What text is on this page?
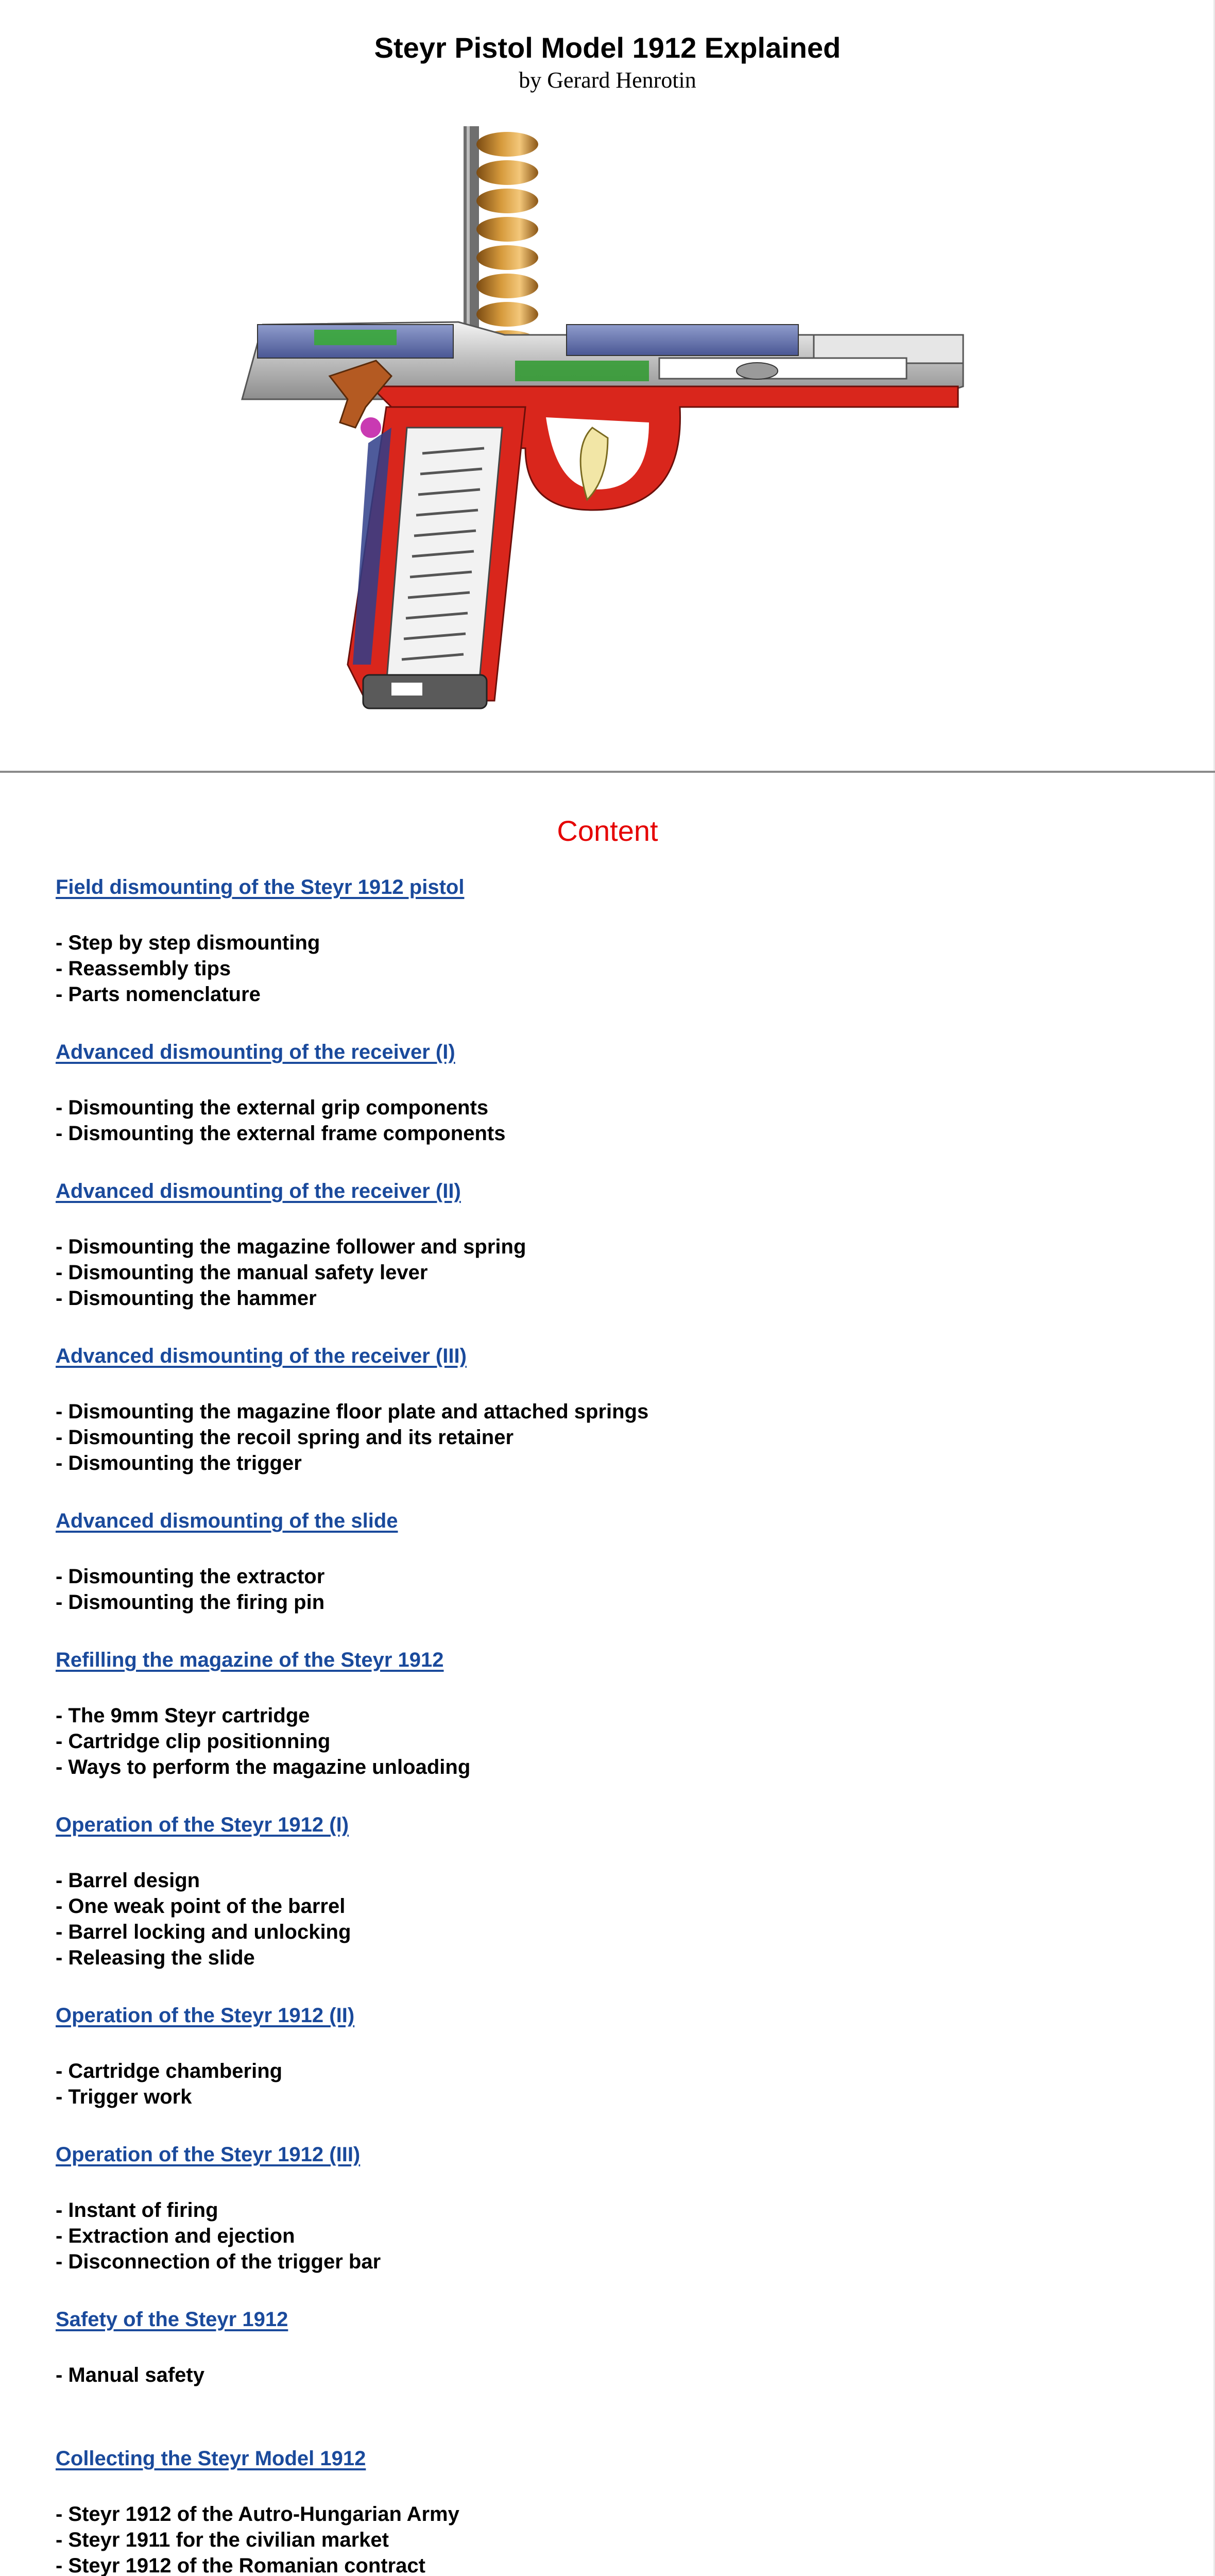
Steyr Pistol Model 1912 Explained
by Gerard Henrotin
Content
Field dismounting of the Steyr 1912 pistol
- Step by step dismounting
- Reassembly tips
- Parts nomenclature
Advanced dismounting of the receiver (I)
- Dismounting the external grip components
- Dismounting the external frame components
Advanced dismounting of the receiver (II)
- Dismounting the magazine follower and spring
- Dismounting the manual safety lever
- Dismounting the hammer
Advanced dismounting of the receiver (III)
- Dismounting the magazine floor plate and attached springs
- Dismounting the recoil spring and its retainer
- Dismounting the trigger
Advanced dismounting of the slide
- Dismounting the extractor
- Dismounting the firing pin
Refilling the magazine of the Steyr 1912
- The 9mm Steyr cartridge
- Cartridge clip positionning
- Ways to perform the magazine unloading
Operation of the Steyr 1912 (I)
- Barrel design
- One weak point of the barrel
- Barrel locking and unlocking
- Releasing the slide
Operation of the Steyr 1912 (II)
- Cartridge chambering
- Trigger work
Operation of the Steyr 1912 (III)
- Instant of firing
- Extraction and ejection
- Disconnection of the trigger bar
Safety of the Steyr 1912
- Manual safety
Collecting the Steyr Model 1912
- Steyr 1912 of the Autro-Hungarian Army
- Steyr 1911 for the civilian market
- Steyr 1912 of the Romanian contract
